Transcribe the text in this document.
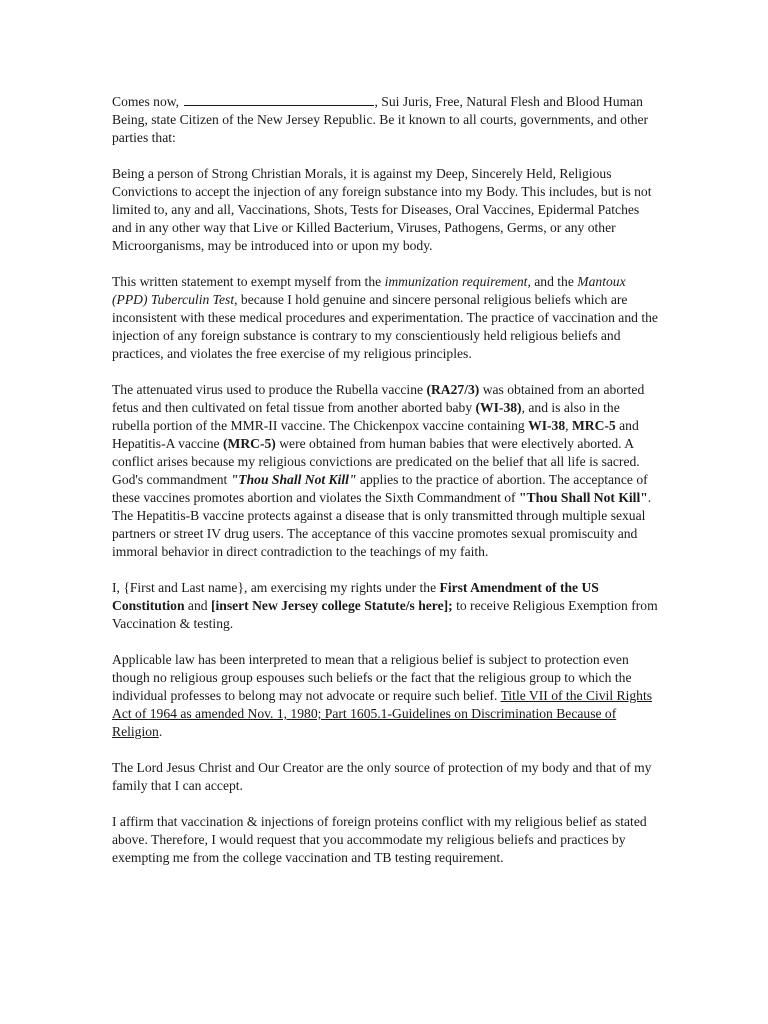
Comes now,	, Sui Juris, Free, Natural Flesh and Blood Human Being, state Citizen of the New Jersey Republic. Be it known to all courts, governments, and other parties that:

Being a person of Strong Christian Morals, it is against my Deep, Sincerely Held, Religious Convictions to accept the injection of any foreign substance into my Body. This includes, but is not limited to, any and all, Vaccinations, Shots, Tests for Diseases, Oral Vaccines, Epidermal Patches and in any other way that Live or Killed Bacterium, Viruses, Pathogens, Germs, or any other Microorganisms, may be introduced into or upon my body.

This written statement to exempt myself from the immunization requirement, and the Mantoux (PPD) Tuberculin Test, because I hold genuine and sincere personal religious beliefs which are inconsistent with these medical procedures and experimentation. The practice of vaccination and the injection of any foreign substance is contrary to my conscientiously held religious beliefs and practices, and violates the free exercise of my religious principles.

The attenuated virus used to produce the Rubella vaccine (RA27/3) was obtained from an aborted fetus and then cultivated on fetal tissue from another aborted baby (WI-38), and is also in the rubella portion of the MMR-II vaccine. The Chickenpox vaccine containing WI-38, MRC-5 and Hepatitis-A vaccine (MRC-5) were obtained from human babies that were electively aborted. A conflict arises because my religious convictions are predicated on the belief that all life is sacred. God's commandment "Thou Shall Not Kill" applies to the practice of abortion. The acceptance of these vaccines promotes abortion and violates the Sixth Commandment of "Thou Shall Not Kill". The Hepatitis-B vaccine protects against a disease that is only transmitted through multiple sexual partners or street IV drug users. The acceptance of this vaccine promotes sexual promiscuity and immoral behavior in direct contradiction to the teachings of my faith.

I, {First and Last name}, am exercising my rights under the First Amendment of the US Constitution and [insert New Jersey college Statute/s here]; to receive Religious Exemption from Vaccination & testing.

Applicable law has been interpreted to mean that a religious belief is subject to protection even though no religious group espouses such beliefs or the fact that the religious group to which the individual professes to belong may not advocate or require such belief. Title VII of the Civil Rights Act of 1964 as amended Nov. 1, 1980; Part 1605.1-Guidelines on Discrimination Because of Religion.

The Lord Jesus Christ and Our Creator are the only source of protection of my body and that of my family that I can accept.

I affirm that vaccination & injections of foreign proteins conflict with my religious belief as stated above. Therefore, I would request that you accommodate my religious beliefs and practices by exempting me from the college vaccination and TB testing requirement.
